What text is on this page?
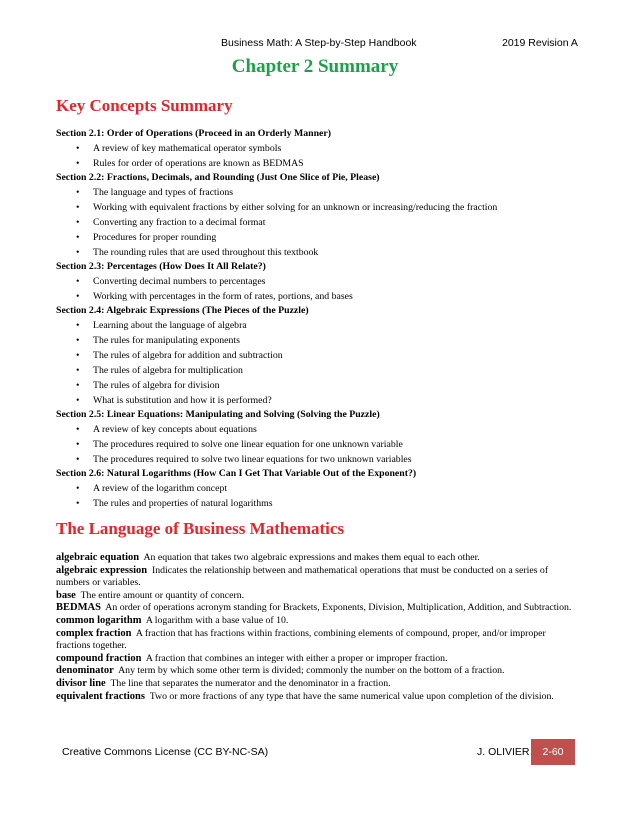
Business Math: A Step-by-Step Handbook	2019 Revision A
Chapter 2 Summary
Key Concepts Summary
Section 2.1: Order of Operations (Proceed in an Orderly Manner)
• A review of key mathematical operator symbols
• Rules for order of operations are known as BEDMAS
Section 2.2: Fractions, Decimals, and Rounding (Just One Slice of Pie, Please)
• The language and types of fractions
• Working with equivalent fractions by either solving for an unknown or increasing/reducing the fraction
• Converting any fraction to a decimal format
• Procedures for proper rounding
• The rounding rules that are used throughout this textbook
Section 2.3: Percentages (How Does It All Relate?)
• Converting decimal numbers to percentages
• Working with percentages in the form of rates, portions, and bases
Section 2.4: Algebraic Expressions (The Pieces of the Puzzle)
• Learning about the language of algebra
• The rules for manipulating exponents
• The rules of algebra for addition and subtraction
• The rules of algebra for multiplication
• The rules of algebra for division
• What is substitution and how it is performed?
Section 2.5: Linear Equations: Manipulating and Solving (Solving the Puzzle)
• A review of key concepts about equations
• The procedures required to solve one linear equation for one unknown variable
• The procedures required to solve two linear equations for two unknown variables
Section 2.6: Natural Logarithms (How Can I Get That Variable Out of the Exponent?)
• A review of the logarithm concept
• The rules and properties of natural logarithms
The Language of Business Mathematics
algebraic equation An equation that takes two algebraic expressions and makes them equal to each other.
algebraic expression Indicates the relationship between and mathematical operations that must be conducted on a series of numbers or variables.
base The entire amount or quantity of concern.
BEDMAS An order of operations acronym standing for Brackets, Exponents, Division, Multiplication, Addition, and Subtraction.
common logarithm A logarithm with a base value of 10.
complex fraction A fraction that has fractions within fractions, combining elements of compound, proper, and/or improper fractions together.
compound fraction A fraction that combines an integer with either a proper or improper fraction.
denominator Any term by which some other term is divided; commonly the number on the bottom of a fraction.
divisor line The line that separates the numerator and the denominator in a fraction.
equivalent fractions Two or more fractions of any type that have the same numerical value upon completion of the division.
Creative Commons License (CC BY-NC-SA)	J. OLIVIER	2-60
